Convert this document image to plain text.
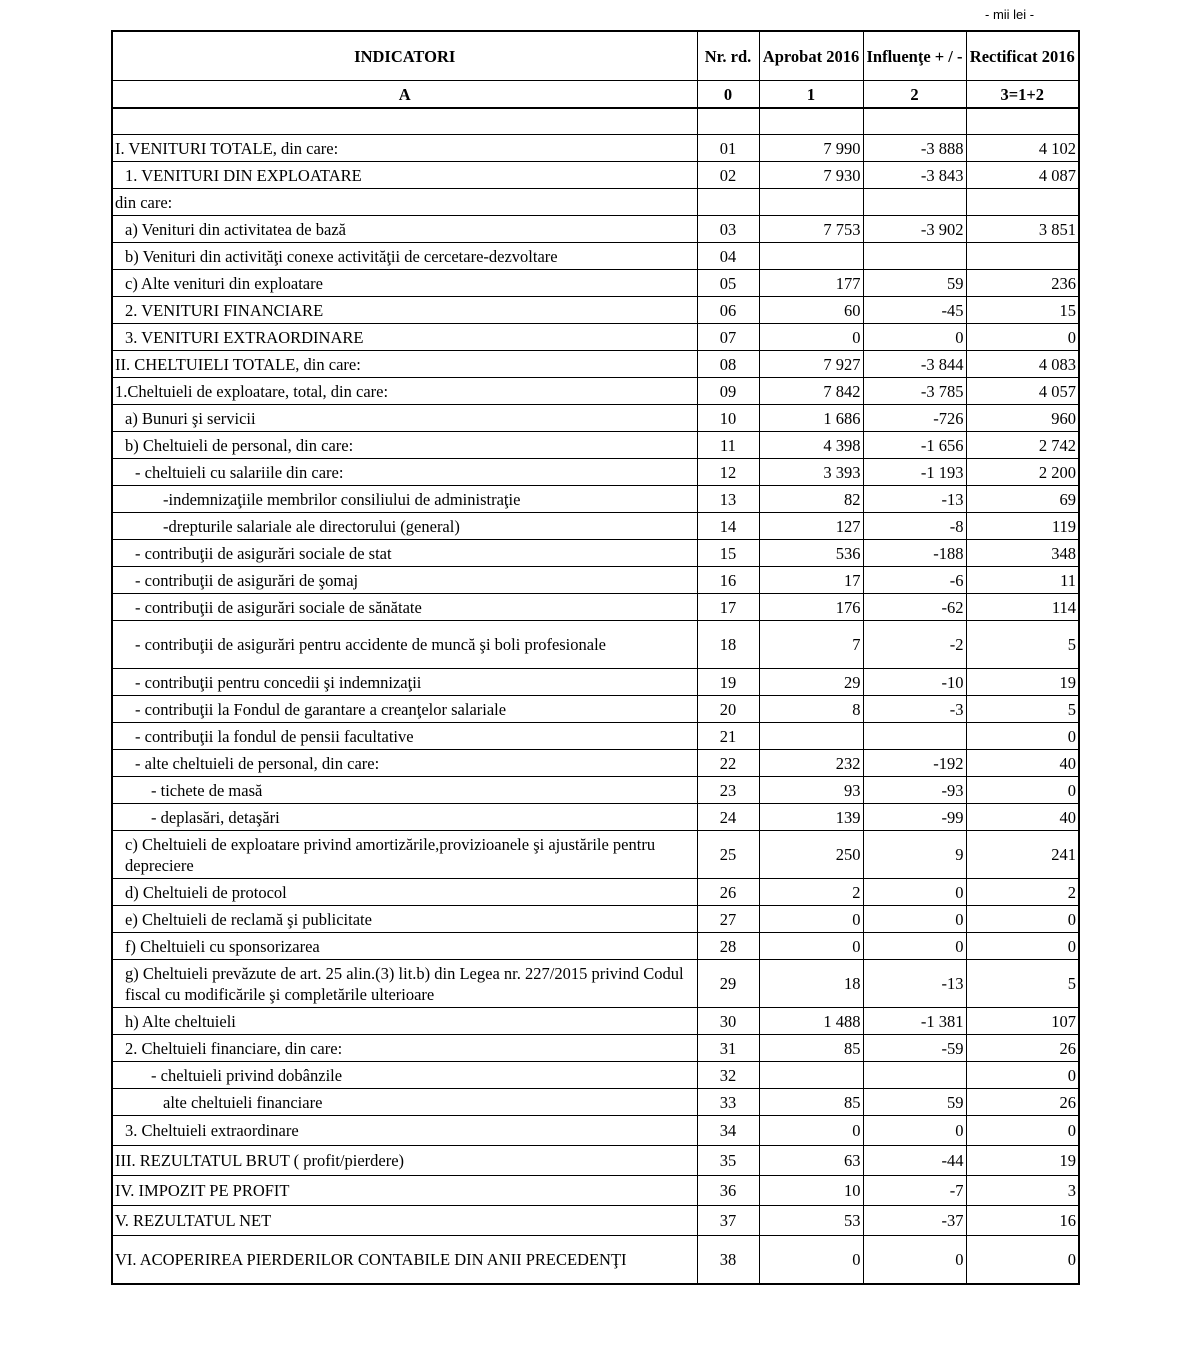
- mii lei -
INDICATORI	Nr. rd.	Aprobat 2016	Influenţe + / -	Rectificat 2016
A	0	1	2	3=1+2

I. VENITURI TOTALE, din care:	01	7 990	-3 888	4 102
1. VENITURI DIN EXPLOATARE	02	7 930	-3 843	4 087
din care:				
a) Venituri din activitatea de bază	03	7 753	-3 902	3 851
b) Venituri din activităţi conexe activităţii de cercetare-dezvoltare	04			
c) Alte venituri din exploatare	05	177	59	236
2. VENITURI FINANCIARE	06	60	-45	15
3. VENITURI EXTRAORDINARE	07	0	0	0
II. CHELTUIELI TOTALE, din care:	08	7 927	-3 844	4 083
1.Cheltuieli de exploatare, total, din care:	09	7 842	-3 785	4 057
a) Bunuri şi servicii	10	1 686	-726	960
b) Cheltuieli de personal, din care:	11	4 398	-1 656	2 742
- cheltuieli cu salariile din care:	12	3 393	-1 193	2 200
-indemnizaţiile membrilor consiliului de administraţie	13	82	-13	69
-drepturile salariale ale directorului (general)	14	127	-8	119
- contribuţii de asigurări sociale de stat	15	536	-188	348
- contribuţii de asigurări de şomaj	16	17	-6	11
- contribuţii de asigurări sociale de sănătate	17	176	-62	114
- contribuţii de asigurări pentru accidente de muncă şi boli profesionale	18	7	-2	5
- contribuţii pentru concedii şi indemnizaţii	19	29	-10	19
- contribuţii la Fondul de garantare a creanţelor salariale	20	8	-3	5
- contribuţii la fondul de pensii facultative	21			0
- alte cheltuieli de personal, din care:	22	232	-192	40
- tichete de masă	23	93	-93	0
- deplasări, detaşări	24	139	-99	40
c) Cheltuieli de exploatare privind amortizările,provizioanele şi ajustările pentru depreciere	25	250	9	241
d) Cheltuieli de protocol	26	2	0	2
e) Cheltuieli de reclamă şi publicitate	27	0	0	0
f) Cheltuieli cu sponsorizarea	28	0	0	0
g) Cheltuieli prevăzute de art. 25 alin.(3) lit.b) din Legea nr. 227/2015 privind Codul fiscal cu modificările şi completările ulterioare	29	18	-13	5
h) Alte cheltuieli	30	1 488	-1 381	107
2. Cheltuieli financiare, din care:	31	85	-59	26
- cheltuieli privind dobânzile	32			0
alte cheltuieli financiare	33	85	59	26
3. Cheltuieli extraordinare	34	0	0	0
III. REZULTATUL BRUT ( profit/pierdere)	35	63	-44	19
IV. IMPOZIT PE PROFIT	36	10	-7	3
V. REZULTATUL NET	37	53	-37	16
VI. ACOPERIREA PIERDERILOR CONTABILE DIN ANII PRECEDENŢI	38	0	0	0
